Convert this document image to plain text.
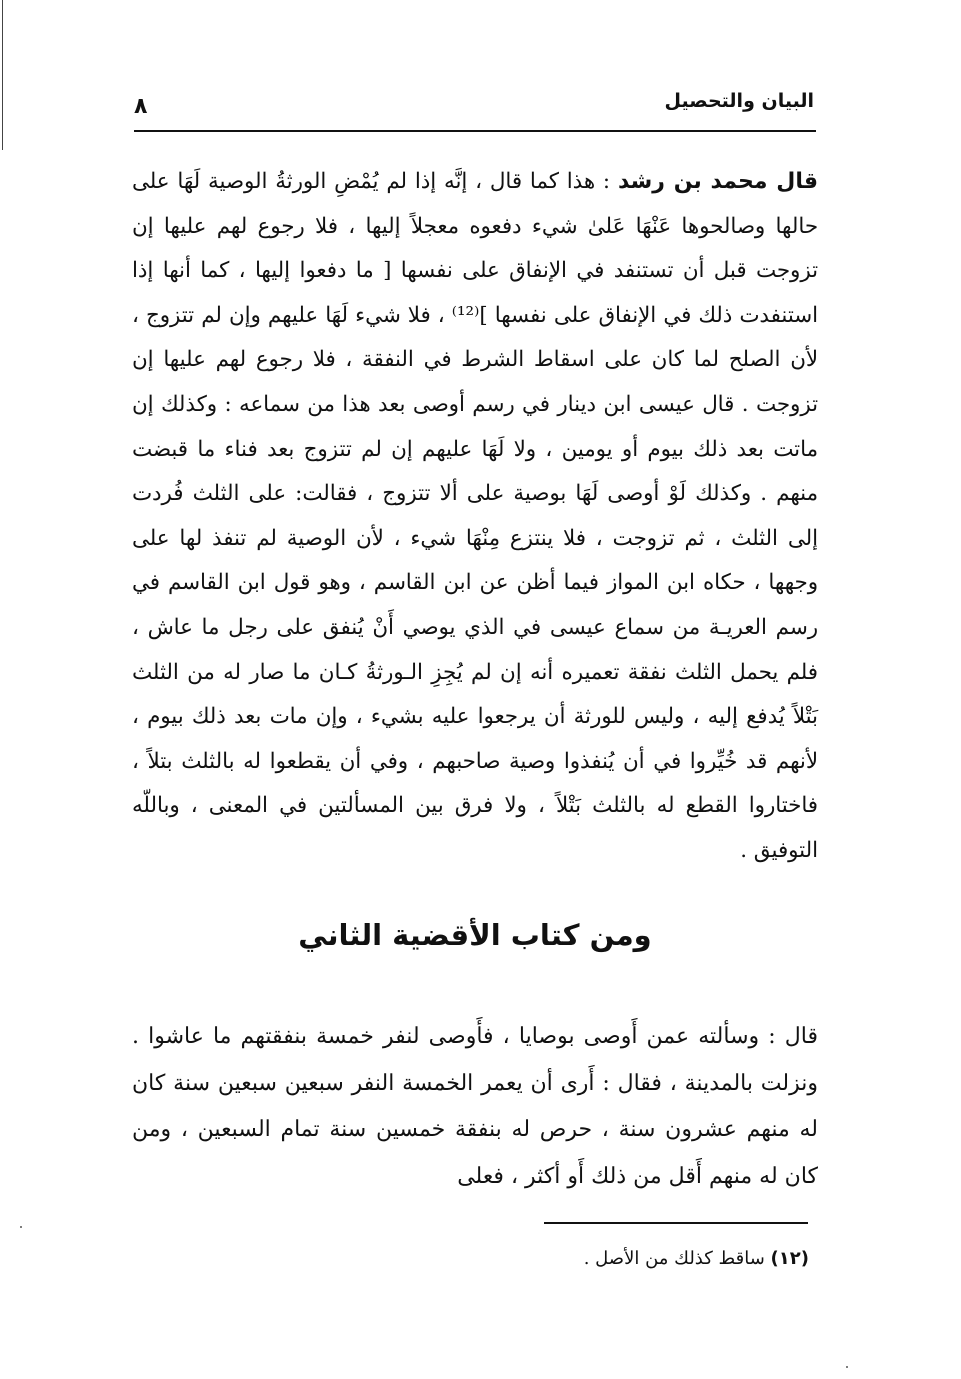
البيان والتحصيل
٨

قال محمد بن رشد : هذا كما قال ، إنَّه إذا لم يُمْضِ الورثةُ الوصية لَهَا على حالها وصالحوها عَنْهَا عَلىٰ شيء دفعوه معجلاً إليها ، فلا رجوع لهم عليها إن تزوجت قبل أن تستنفد في الإنفاق على نفسها [ ما دفعوا إليها ، كما أنها إذا استنفدت ذلك في الإنفاق على نفسها ]⁽¹²⁾ ، فلا شيء لَهَا عليهم وإن لم تتزوج ، لأن الصلح لما كان على اسقاط الشرط في النفقة ، فلا رجوع لهم عليها إن تزوجت . قال عيسى ابن دينار في رسم أوصى بعد هذا من سماعه : وكذلك إن ماتت بعد ذلك بيوم أو يومين ، ولا لَهَا عليهم إن لم تتزوج بعد فناء ما قبضت منهم . وكذلك لَوْ أوصى لَهَا بوصية على ألا تتزوج ، فقالت: على الثلث فُردت إلى الثلث ، ثم تزوجت ، فلا ينتزع مِنْهَا شيء ، لأن الوصية لم تنفذ لها على وجهها ، حكاه ابن المواز فيما أظن عن ابن القاسم ، وهو قول ابن القاسم في رسم العريـة من سماع عيسى في الذي يوصي أَنْ يُنفق على رجل ما عاش ، فلم يحمل الثلث نفقة تعميره أنه إن لم يُجِزِ الـورثةُ كـان ما صار له من الثلث بَتْلاً يُدفع إليه ، وليس للورثة أن يرجعوا عليه بشيء ، وإن مات بعد ذلك بيوم ، لأنهم قد خُيِّروا في أن يُنفذوا وصية صاحبهم ، وفي أن يقطعوا له بالثلث بتلاً ، فاختاروا القطع له بالثلث بَتْلاً ، ولا فرق بين المسألتين في المعنى ، وباللّه التوفيق .

ومن كتاب الأقضية الثاني

قال : وسألته عمن أَوصى بوصايا ، فأَوصى لنفر خمسة بنفقتهم ما عاشوا . ونزلت بالمدينة ، فقال : أَرى أن يعمر الخمسة النفر سبعين سبعين سنة كان له منهم عشرون سنة ، حرص له بنفقة خمسين سنة تمام السبعين ، ومن كان له منهم أَقل من ذلك أَو أكثر ، فعلى

(١٢) ساقط كذلك من الأصل .
